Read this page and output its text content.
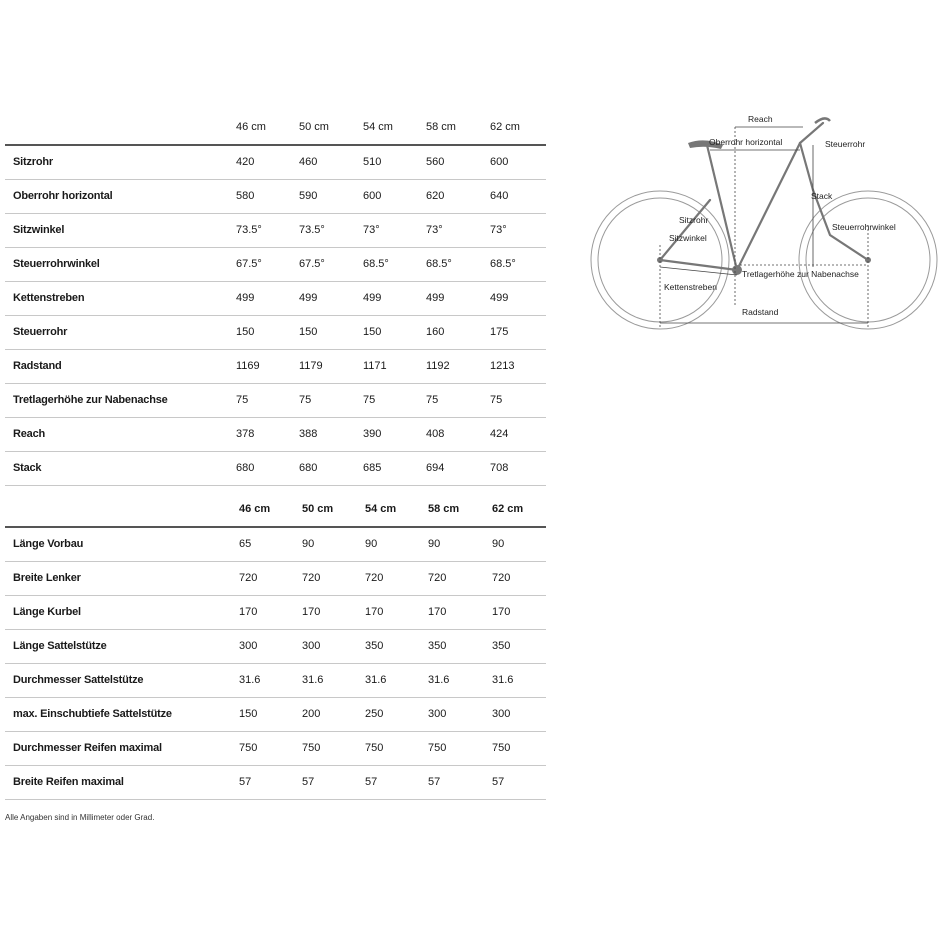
46 cm	50 cm	54 cm	58 cm	62 cm
Sitzrohr	420	460	510	560	600
Oberrohr horizontal	580	590	600	620	640
Sitzwinkel	73.5°	73.5°	73°	73°	73°
Steuerrohrwinkel	67.5°	67.5°	68.5°	68.5°	68.5°
Kettenstreben	499	499	499	499	499
Steuerrohr	150	150	150	160	175
Radstand	1169	1179	1171	1192	1213
Tretlagerhöhe zur Nabenachse	75	75	75	75	75
Reach	378	388	390	408	424
Stack	680	680	685	694	708
46 cm	50 cm	54 cm	58 cm	62 cm
Länge Vorbau	65	90	90	90	90
Breite Lenker	720	720	720	720	720
Länge Kurbel	170	170	170	170	170
Länge Sattelstütze	300	300	350	350	350
Durchmesser Sattelstütze	31.6	31.6	31.6	31.6	31.6
max. Einschubtiefe Sattelstütze	150	200	250	300	300
Durchmesser Reifen maximal	750	750	750	750	750
Breite Reifen maximal	57	57	57	57	57
Alle Angaben sind in Millimeter oder Grad.
Reach
Oberrohr horizontal	Steuerrohr
Stack
Sitzrohr
Sitzwinkel
Steuerrohrwinkel
Tretlagerhöhe zur Nabenachse
Kettenstreben
Radstand
